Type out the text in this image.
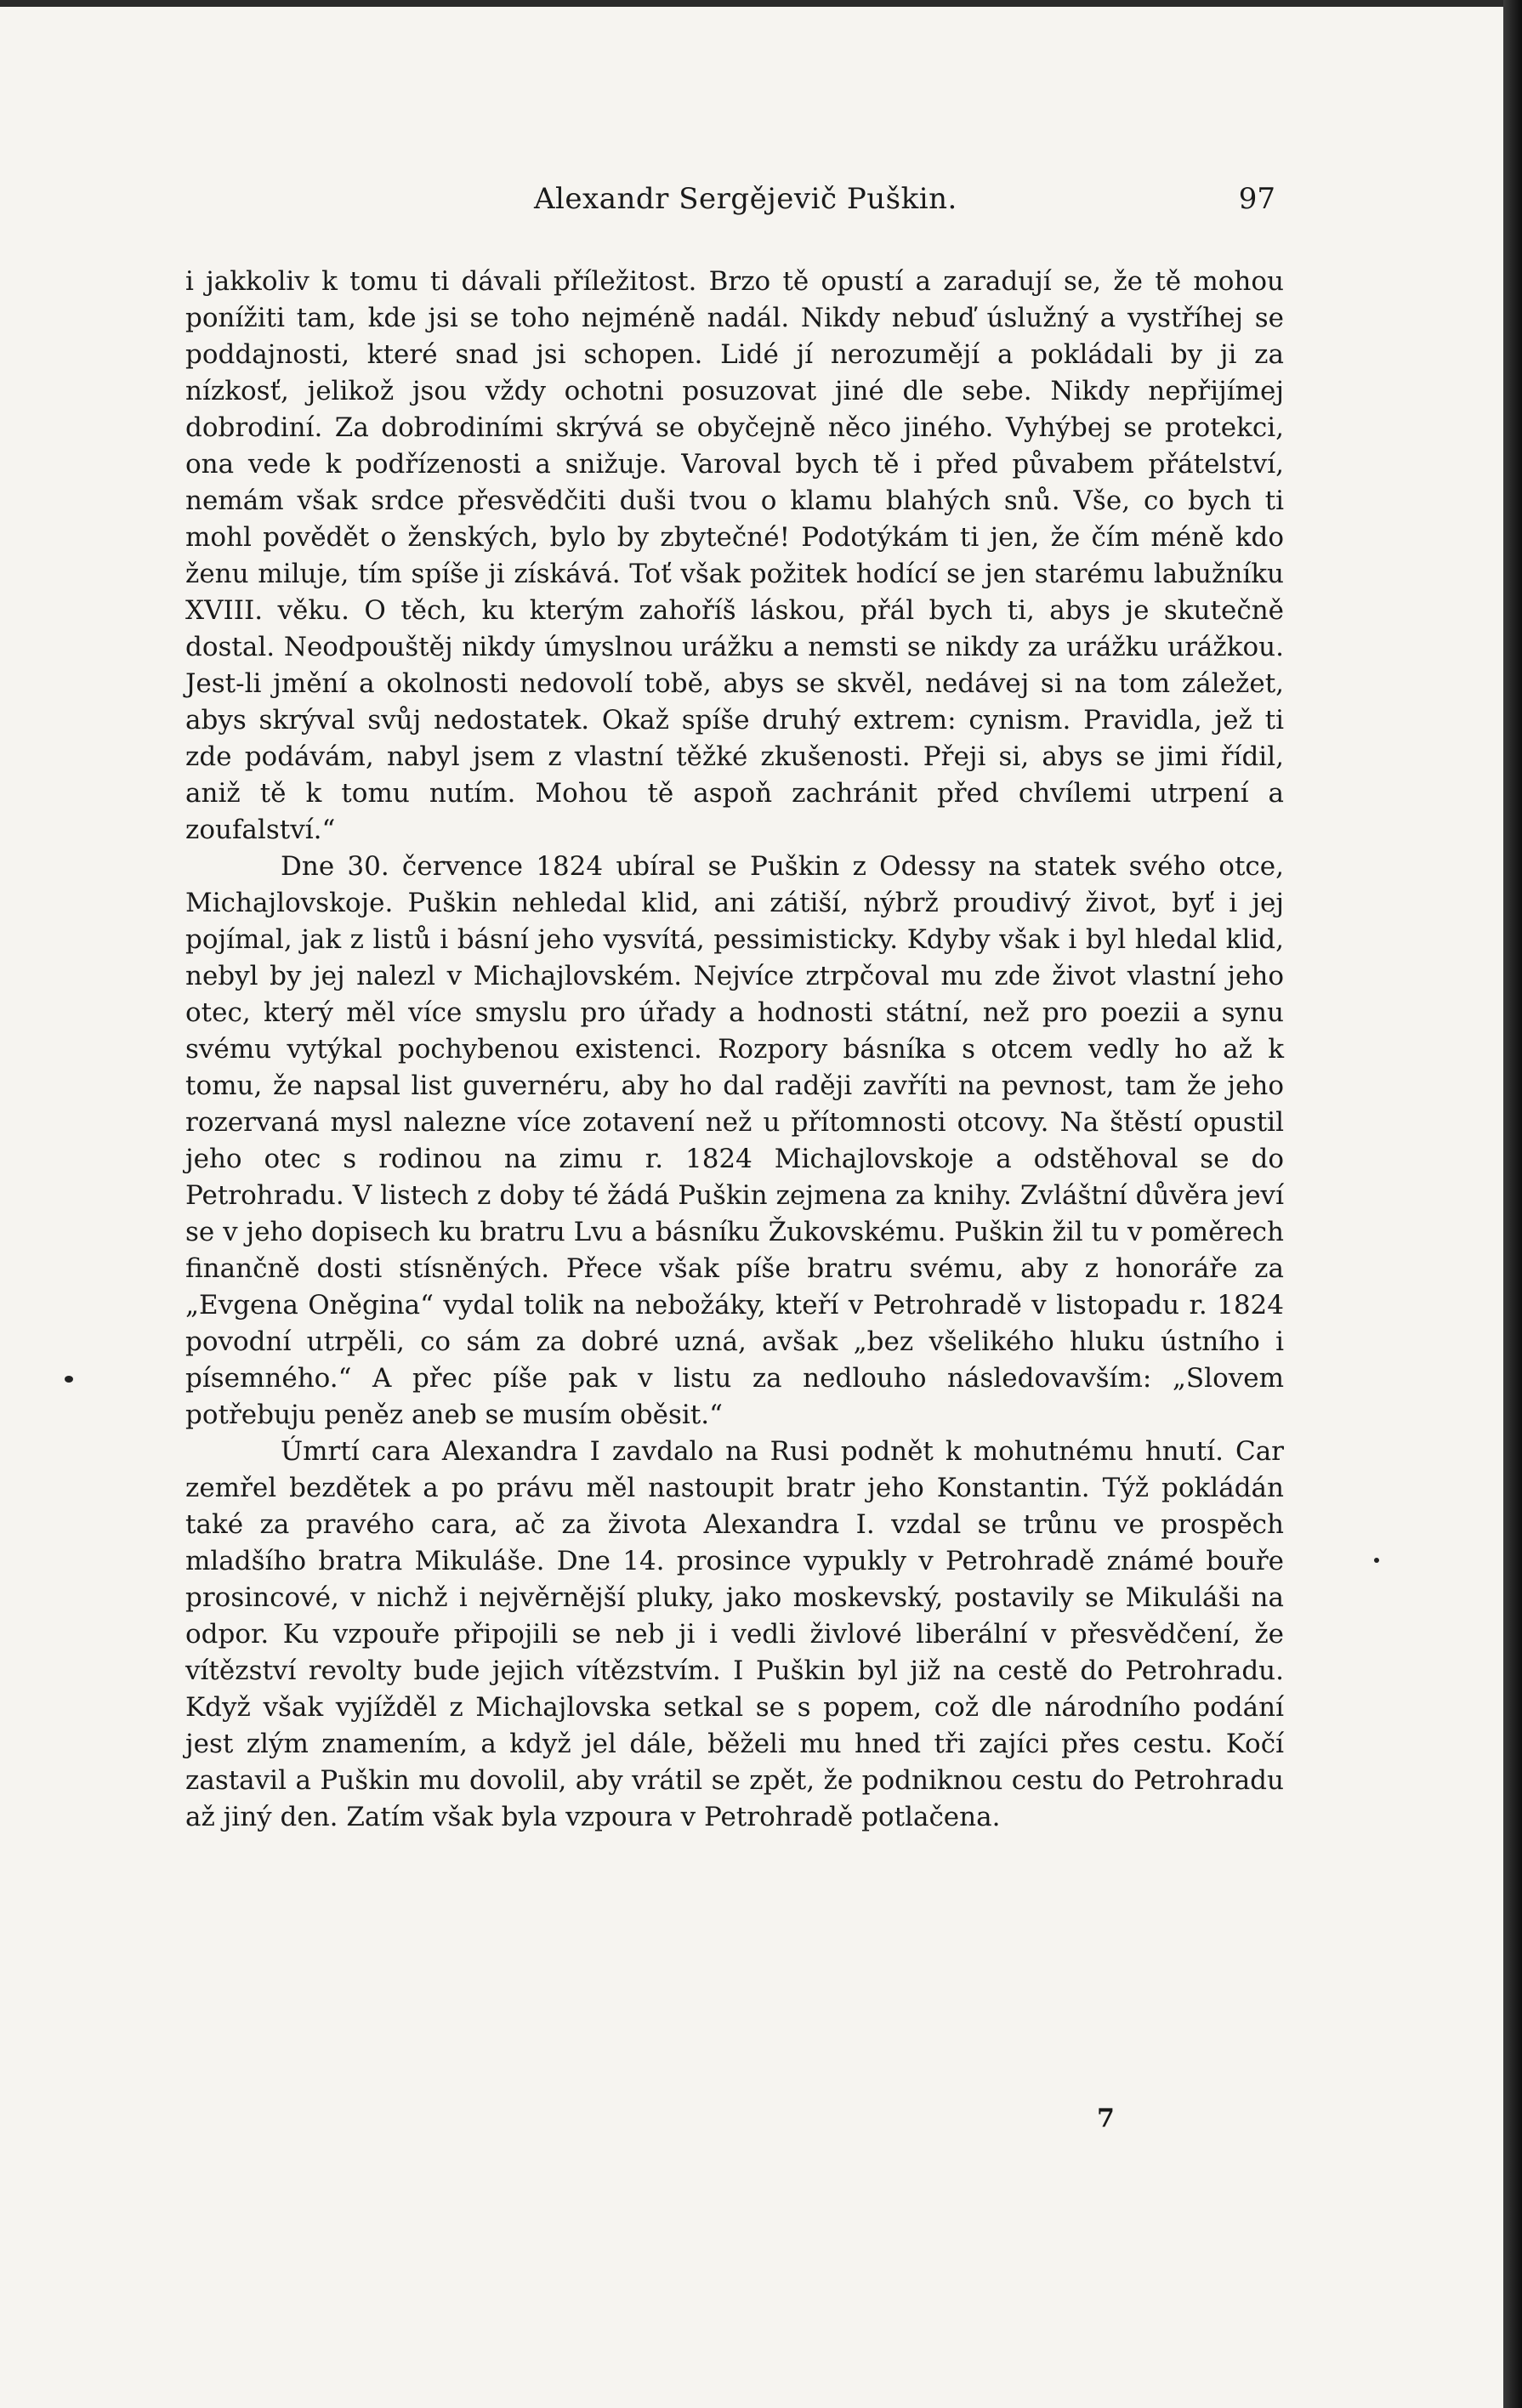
Alexandr Sergějevič Puškin.	97

i jakkoliv k tomu ti dávali příležitost. Brzo tě opustí a zaradují se, že tě mohou ponížiti tam, kde jsi se toho nejméně nadál. Nikdy nebuď úslužný a vystříhej se poddajnosti, které snad jsi schopen. Lidé jí nerozumějí a pokládali by ji za nízkosť, jelikož jsou vždy ochotni posuzovat jiné dle sebe. Nikdy nepřijímej dobrodiní. Za dobrodiními skrývá se obyčejně něco jiného. Vyhýbej se protekci, ona vede k podřízenosti a snižuje. Varoval bych tě i před půvabem přátelství, nemám však srdce přesvědčiti duši tvou o klamu blahých snů. Vše, co bych ti mohl povědět o ženských, bylo by zbytečné! Podotýkám ti jen, že čím méně kdo ženu miluje, tím spíše ji získává. Toť však požitek hodící se jen starému labužníku XVIII. věku. O těch, ku kterým zahoříš láskou, přál bych ti, abys je skutečně dostal. Neodpouštěj nikdy úmyslnou urážku a nemsti se nikdy za urážku urážkou. Jest-li jmění a okolnosti nedovolí tobě, abys se skvěl, nedávej si na tom záležet, abys skrýval svůj nedostatek. Okaž spíše druhý extrem: cynism. Pravidla, jež ti zde podávám, nabyl jsem z vlastní těžké zkušenosti. Přeji si, abys se jimi řídil, aniž tě k tomu nutím. Mohou tě aspoň zachránit před chvílemi utrpení a zoufalství.“

Dne 30. července 1824 ubíral se Puškin z Odessy na statek svého otce, Michajlovskoje. Puškin nehledal klid, ani zátiší, nýbrž proudivý život, byť i jej pojímal, jak z listů i básní jeho vysvítá, pessimisticky. Kdyby však i byl hledal klid, nebyl by jej nalezl v Michajlovském. Nejvíce ztrpčoval mu zde život vlastní jeho otec, který měl více smyslu pro úřady a hodnosti státní, než pro poezii a synu svému vytýkal pochybenou existenci. Rozpory básníka s otcem vedly ho až k tomu, že napsal list guvernéru, aby ho dal raději zavříti na pevnost, tam že jeho rozervaná mysl nalezne více zotavení než u přítomnosti otcovy. Na štěstí opustil jeho otec s rodinou na zimu r. 1824 Michajlovskoje a odstěhoval se do Petrohradu. V listech z doby té žádá Puškin zejmena za knihy. Zvláštní důvěra jeví se v jeho dopisech ku bratru Lvu a básníku Žukovskému. Puškin žil tu v poměrech finančně dosti stísněných. Přece však píše bratru svému, aby z honoráře za „Evgena Oněgina“ vydal tolik na nebožáky, kteří v Petrohradě v listopadu r. 1824 povodní utrpěli, co sám za dobré uzná, avšak „bez všelikého hluku ústního i písemného.“ A přec píše pak v listu za nedlouho následovavším: „Slovem potřebuju peněz aneb se musím oběsit.“

Úmrtí cara Alexandra I zavdalo na Rusi podnět k mohutnému hnutí. Car zemřel bezdětek a po právu měl nastoupit bratr jeho Konstantin. Týž pokládán také za pravého cara, ač za života Alexandra I. vzdal se trůnu ve prospěch mladšího bratra Mikuláše. Dne 14. prosince vypukly v Petrohradě známé bouře prosincové, v nichž i nejvěrnější pluky, jako moskevský, postavily se Mikuláši na odpor. Ku vzpouře připojili se neb ji i vedli živlové liberální v přesvědčení, že vítězství revolty bude jejich vítězstvím. I Puškin byl již na cestě do Petrohradu. Když však vyjížděl z Michajlovska setkal se s popem, což dle národního podání jest zlým znamením, a když jel dále, běželi mu hned tři zajíci přes cestu. Kočí zastavil a Puškin mu dovolil, aby vrátil se zpět, že podniknou cestu do Petrohradu až jiný den. Zatím však byla vzpoura v Petrohradě potlačena.

7
